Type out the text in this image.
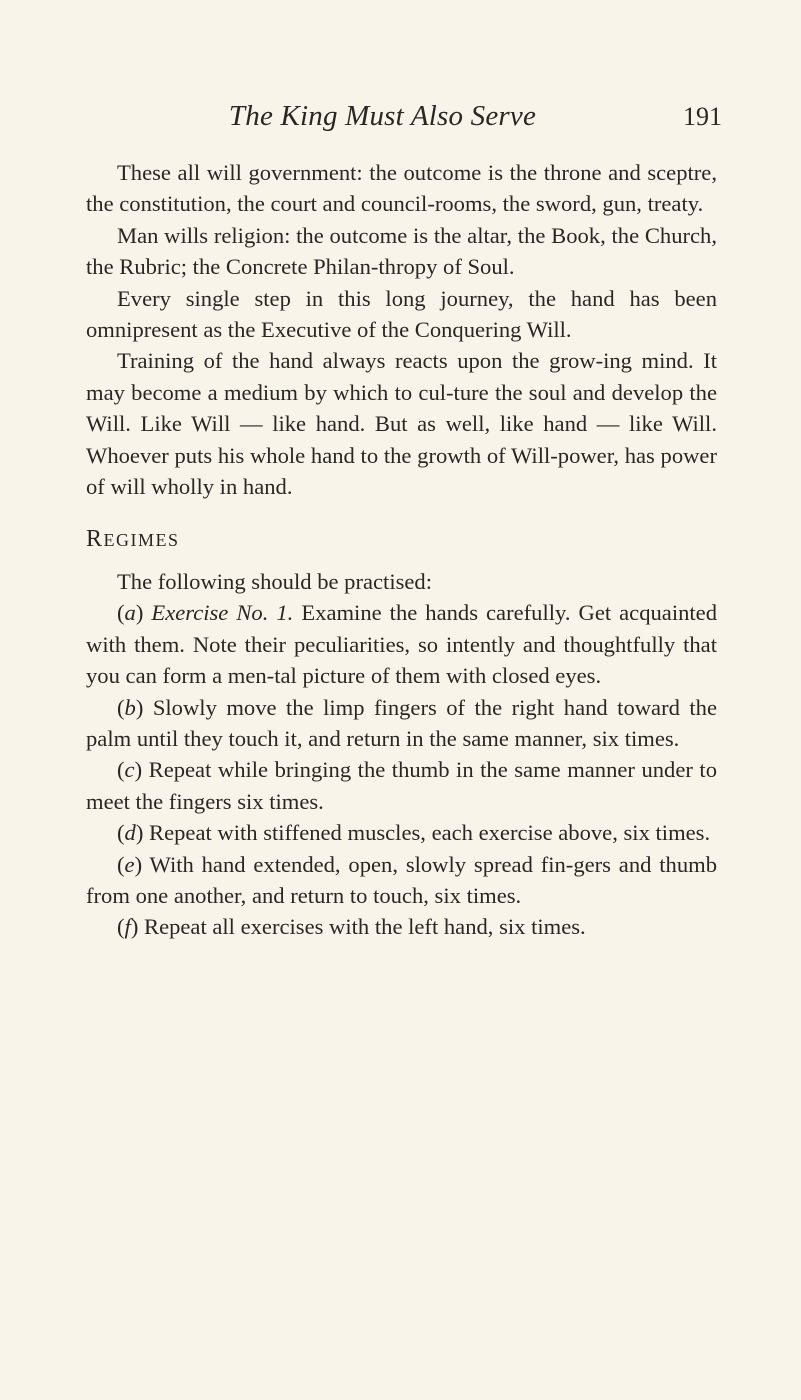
The King Must Also Serve	191

These all will government: the outcome is the throne and sceptre, the constitution, the court and council-rooms, the sword, gun, treaty.

Man wills religion: the outcome is the altar, the Book, the Church, the Rubric; the Concrete Philan-thropy of Soul.

Every single step in this long journey, the hand has been omnipresent as the Executive of the Conquering Will.

Training of the hand always reacts upon the grow-ing mind. It may become a medium by which to cul-ture the soul and develop the Will. Like Will — like hand. But as well, like hand — like Will. Whoever puts his whole hand to the growth of Will-power, has power of will wholly in hand.

REGIMES

The following should be practised:

(a) Exercise No. 1. Examine the hands carefully. Get acquainted with them. Note their peculiarities, so intently and thoughtfully that you can form a men-tal picture of them with closed eyes.

(b) Slowly move the limp fingers of the right hand toward the palm until they touch it, and return in the same manner, six times.

(c) Repeat while bringing the thumb in the same manner under to meet the fingers six times.

(d) Repeat with stiffened muscles, each exercise above, six times.

(e) With hand extended, open, slowly spread fin-gers and thumb from one another, and return to touch, six times.

(f) Repeat all exercises with the left hand, six times.
